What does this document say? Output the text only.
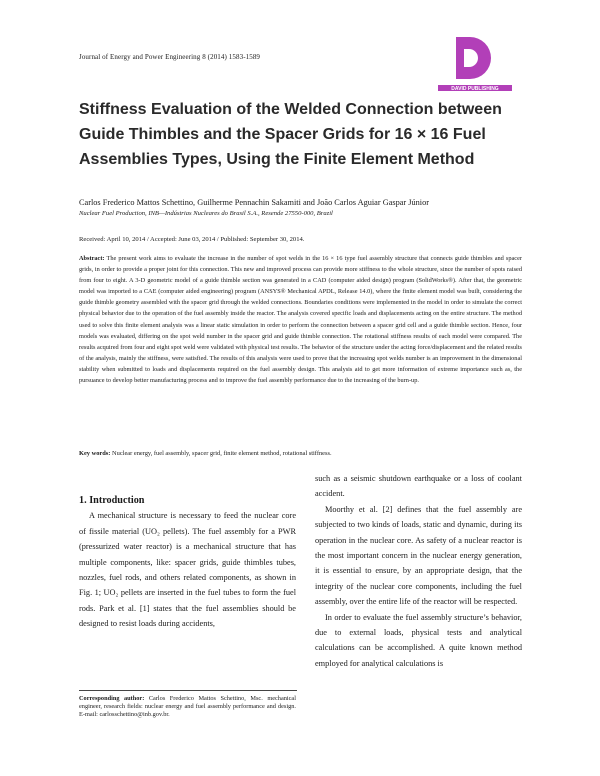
Journal of Energy and Power Engineering 8 (2014) 1583-1589
DAVID PUBLISHING
Stiffness Evaluation of the Welded Connection between Guide Thimbles and the Spacer Grids for 16 × 16 Fuel Assemblies Types, Using the Finite Element Method
Carlos Frederico Mattos Schettino, Guilherme Pennachin Sakamiti and João Carlos Aguiar Gaspar Júnior
Nuclear Fuel Production, INB—Indústrias Nucleares do Brasil S.A., Resende 27550-000, Brazil
Received: April 10, 2014 / Accepted: June 03, 2014 / Published: September 30, 2014.

Abstract: The present work aims to evaluate the increase in the number of spot welds in the 16 × 16 type fuel assembly structure that connects guide thimbles and spacer grids, in order to provide a proper joint for this connection. This new and improved process can provide more stiffness to the whole structure, since the number of spots raised from four to eight. A 3-D geometric model of a guide thimble section was generated in a CAD (computer aided design) program (SolidWorks®). After that, the geometric model was imported to a CAE (computer aided engineering) program (ANSYS® Mechanical APDL, Release 14.0), where the finite element model was built, considering the guide thimble geometry assembled with the spacer grid through the welded connections. Boundaries conditions were implemented in the model in order to simulate the correct physical behavior due to the operation of the fuel assembly inside the reactor. The analysis covered specific loads and displacements acting on the entire structure. The method used to solve this finite element analysis was a linear static simulation in order to perform the connection between a spacer grid cell and a guide thimble section. Hence, four models was evaluated, differing on the spot weld number in the spacer grid and guide thimble connection. The rotational stiffness results of each model were compared. The results acquired from four and eight spot weld were validated with physical test results. The behavior of the structure under the acting force/displacement and the related results of the analysis, mainly the stiffness, were satisfied. The results of this analysis were used to prove that the increasing spot welds number is an improvement in the dimensional stability when submitted to loads and displacements required on the fuel assembly design. This analysis aid to get more information of extreme importance such as, the pursuance to develop better manufacturing process and to improve the fuel assembly performance due to the increasing of the burn-up.

Key words: Nuclear energy, fuel assembly, spacer grid, finite element method, rotational stiffness.

1. Introduction

A mechanical structure is necessary to feed the nuclear core of fissile material (UO₂ pellets). The fuel assembly for a PWR (pressurized water reactor) is a mechanical structure that has multiple components, like: spacer grids, guide thimbles tubes, nozzles, fuel rods, and others related components, as shown in Fig. 1; UO₂ pellets are inserted in the fuel tubes to form the fuel rods. Park et al. [1] states that the fuel assemblies should be designed to resist loads during accidents,

such as a seismic shutdown earthquake or a loss of coolant accident.

Moorthy et al. [2] defines that the fuel assembly are subjected to two kinds of loads, static and dynamic, during its operation in the nuclear core. As safety of a nuclear reactor is the most important concern in the nuclear energy generation, it is essential to ensure, by an appropriate design, that the integrity of the nuclear core components, including the fuel assembly, over the entire life of the reactor will be respected.

In order to evaluate the fuel assembly structure’s behavior, due to external loads, physical tests and analytical calculations can be accomplished. A quite known method employed for analytical calculations is

Corresponding author: Carlos Frederico Mattos Schettino, Msc. mechanical engineer, research fields: nuclear energy and fuel assembly performance and design. E-mail: carlosschettino@inb.gov.br.
